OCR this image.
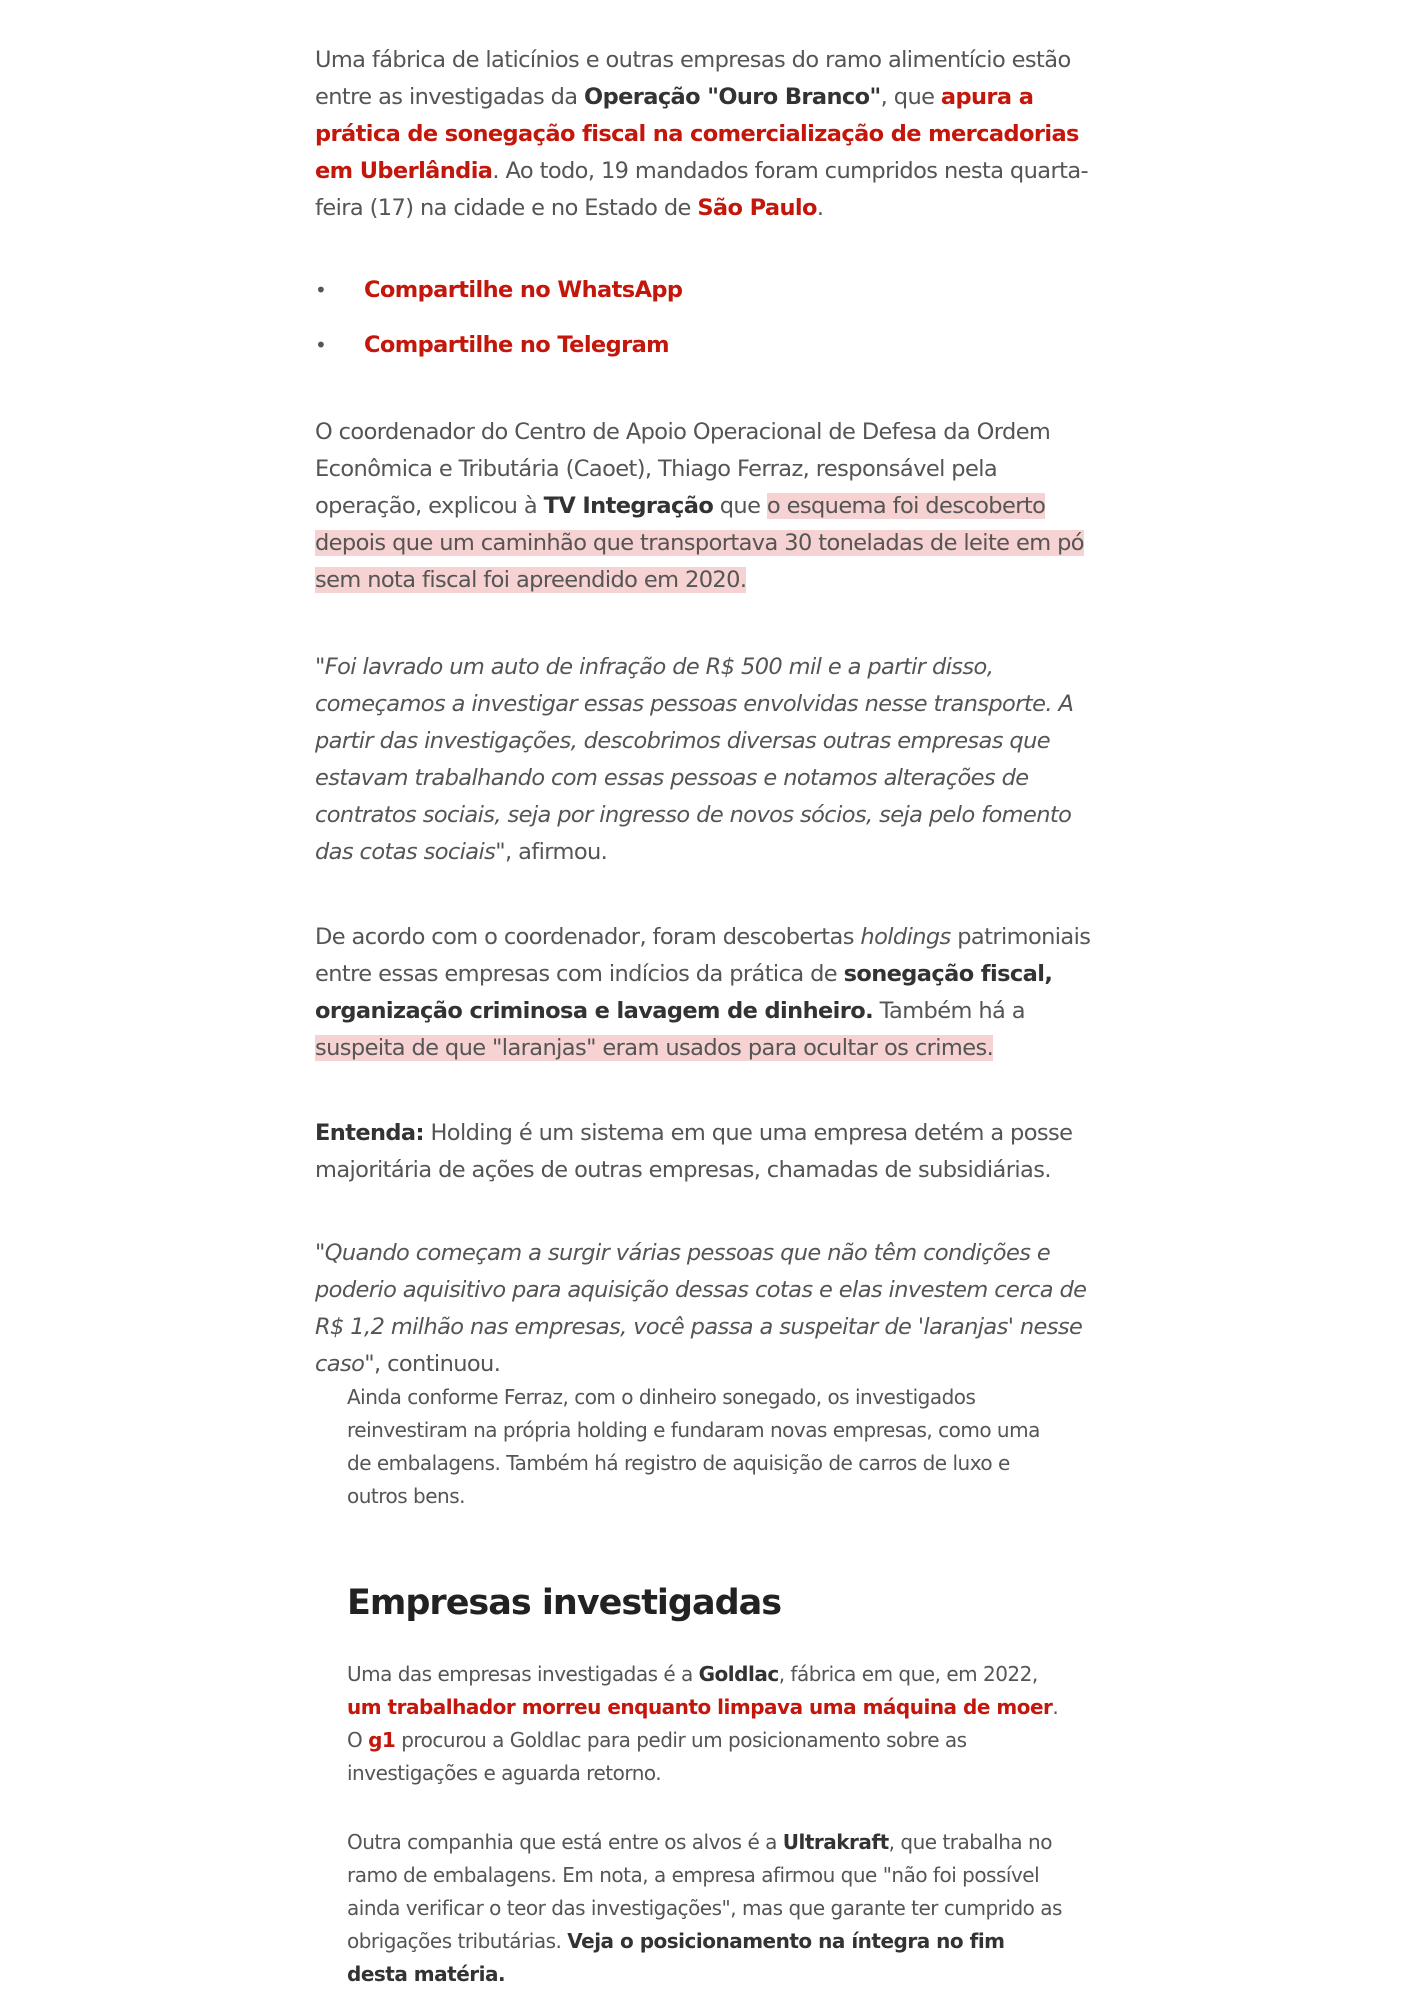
Uma fábrica de laticínios e outras empresas do ramo alimentício estão entre as investigadas da Operação "Ouro Branco", que apura a prática de sonegação fiscal na comercialização de mercadorias em Uberlândia. Ao todo, 19 mandados foram cumpridos nesta quarta-feira (17) na cidade e no Estado de São Paulo.

• Compartilhe no WhatsApp
• Compartilhe no Telegram

O coordenador do Centro de Apoio Operacional de Defesa da Ordem Econômica e Tributária (Caoet), Thiago Ferraz, responsável pela operação, explicou à TV Integração que o esquema foi descoberto depois que um caminhão que transportava 30 toneladas de leite em pó sem nota fiscal foi apreendido em 2020.

"Foi lavrado um auto de infração de R$ 500 mil e a partir disso, começamos a investigar essas pessoas envolvidas nesse transporte. A partir das investigações, descobrimos diversas outras empresas que estavam trabalhando com essas pessoas e notamos alterações de contratos sociais, seja por ingresso de novos sócios, seja pelo fomento das cotas sociais", afirmou.

De acordo com o coordenador, foram descobertas holdings patrimoniais entre essas empresas com indícios da prática de sonegação fiscal, organização criminosa e lavagem de dinheiro. Também há a suspeita de que "laranjas" eram usados para ocultar os crimes.

Entenda: Holding é um sistema em que uma empresa detém a posse majoritária de ações de outras empresas, chamadas de subsidiárias.

"Quando começam a surgir várias pessoas que não têm condições e poderio aquisitivo para aquisição dessas cotas e elas investem cerca de R$ 1,2 milhão nas empresas, você passa a suspeitar de 'laranjas' nesse caso", continuou.

Ainda conforme Ferraz, com o dinheiro sonegado, os investigados reinvestiram na própria holding e fundaram novas empresas, como uma de embalagens. Também há registro de aquisição de carros de luxo e outros bens.

Empresas investigadas

Uma das empresas investigadas é a Goldlac, fábrica em que, em 2022, um trabalhador morreu enquanto limpava uma máquina de moer. O g1 procurou a Goldlac para pedir um posicionamento sobre as investigações e aguarda retorno.

Outra companhia que está entre os alvos é a Ultrakraft, que trabalha no ramo de embalagens. Em nota, a empresa afirmou que "não foi possível ainda verificar o teor das investigações", mas que garante ter cumprido as obrigações tributárias. Veja o posicionamento na íntegra no fim desta matéria.
